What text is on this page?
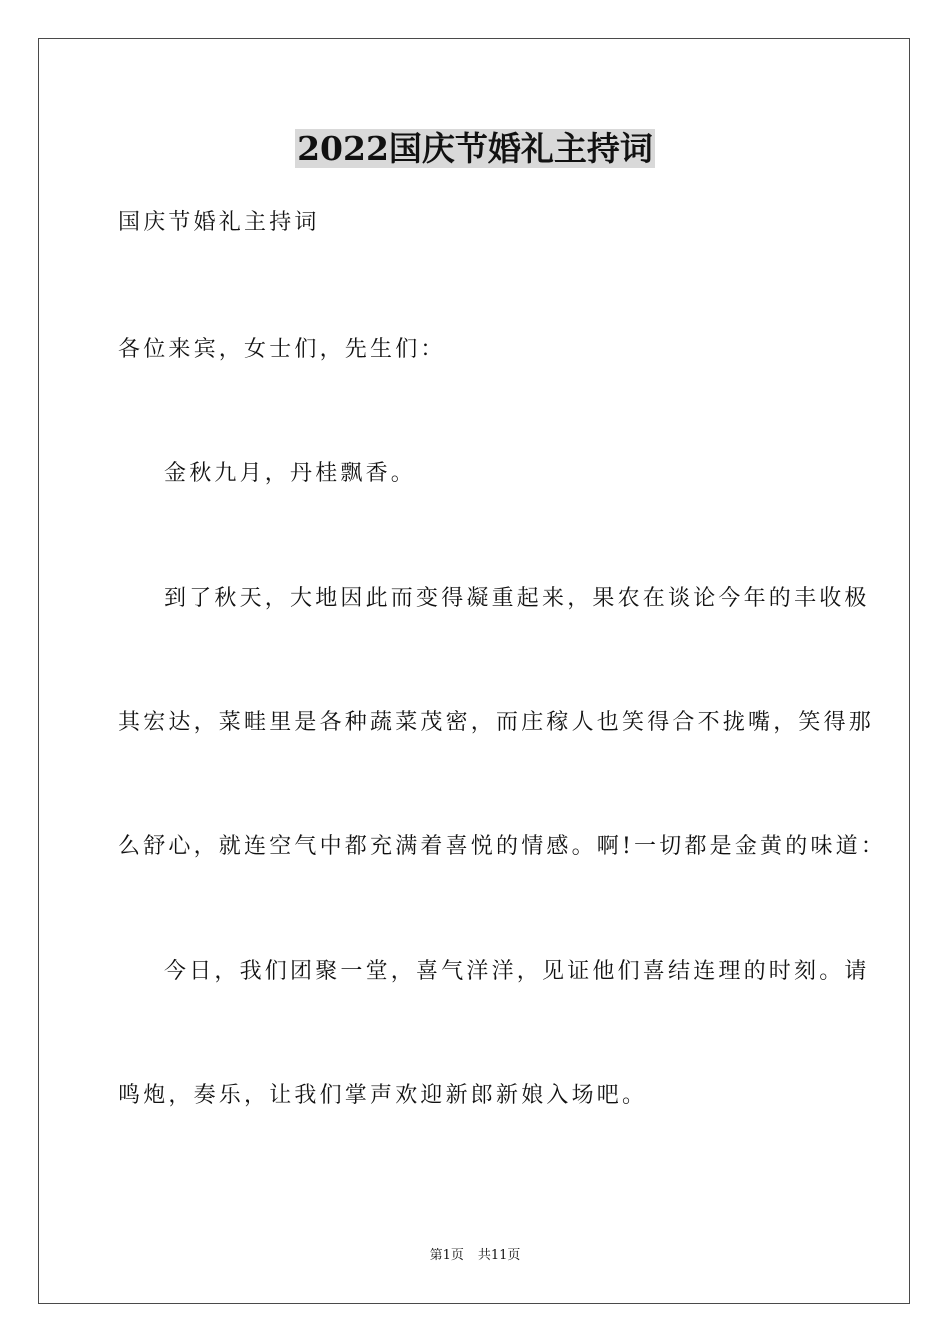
2022国庆节婚礼主持词
国庆节婚礼主持词
各位来宾，女士们，先生们：
金秋九月，丹桂飘香。
到了秋天，大地因此而变得凝重起来，果农在谈论今年的丰收极
其宏达，菜畦里是各种蔬菜茂密，而庄稼人也笑得合不拢嘴，笑得那
么舒心，就连空气中都充满着喜悦的情感。啊!一切都是金黄的味道：
今日，我们团聚一堂，喜气洋洋，见证他们喜结连理的时刻。请
鸣炮，奏乐，让我们掌声欢迎新郎新娘入场吧。
第1页 共11页
